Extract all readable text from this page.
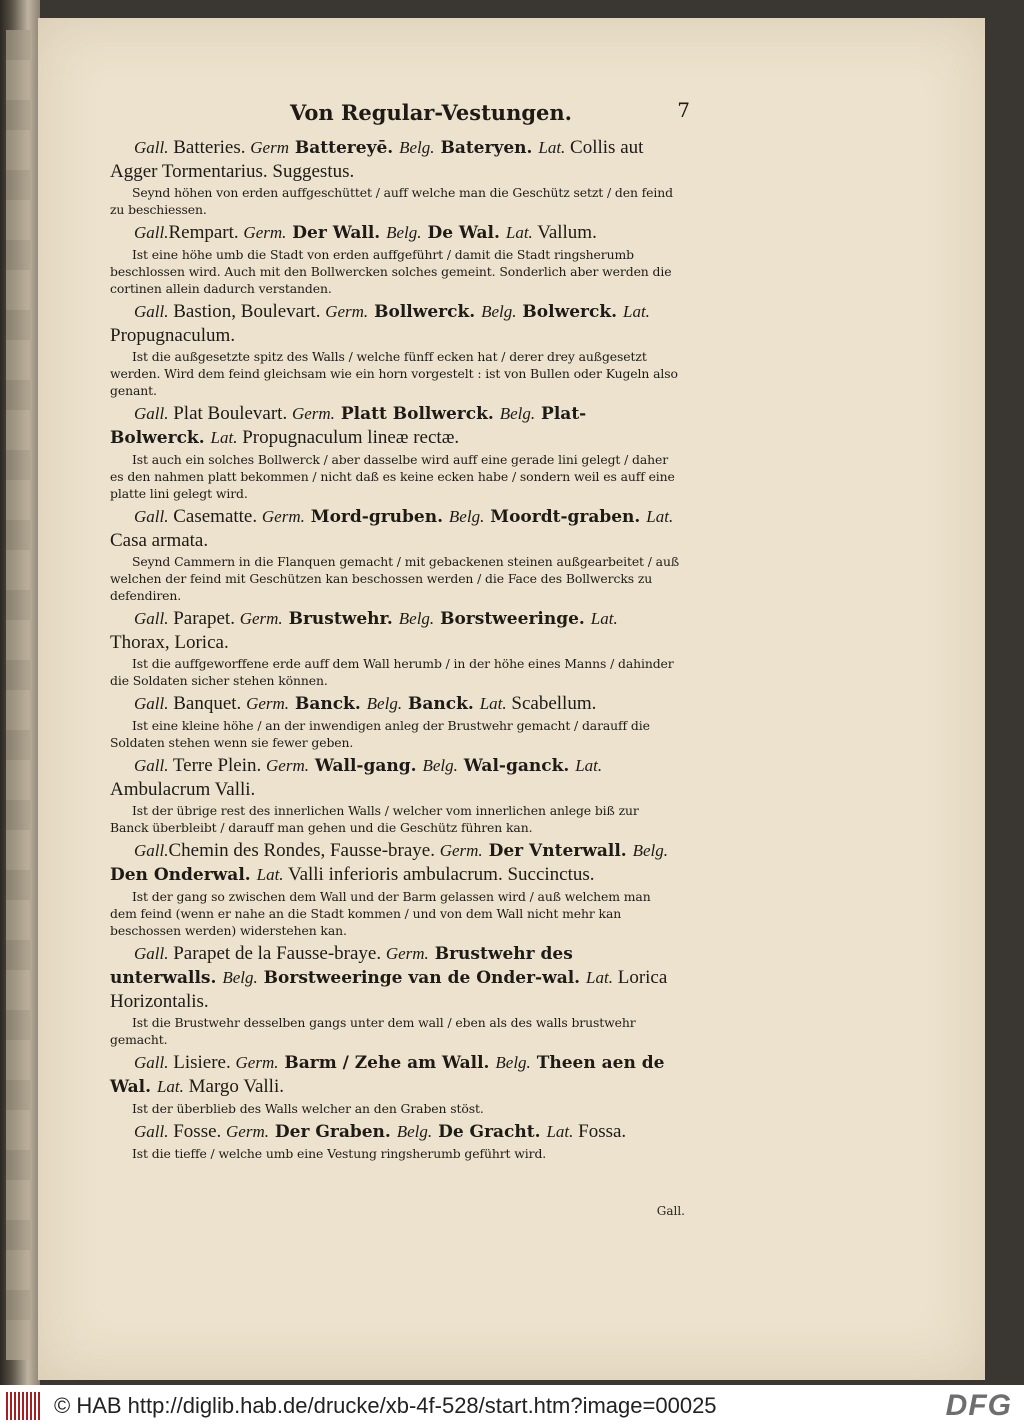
Von Regular-Vestungen.	7

Gall. Batteries. Germ Battereyē. Belg. Bateryen. Lat. Collis aut Agger Tormentarius. Suggestus.

Seynd höhen von erden auffgeschüttet / auff welche man die Geschütz setzt / den feind zu beschiessen.

Gall.Rempart. Germ. Der Wall. Belg. De Wal. Lat. Vallum.

Ist eine höhe umb die Stadt von erden auffgeführt / damit die Stadt ringsherumb beschlossen wird. Auch mit den Bollwercken solches gemeint. Sonderlich aber werden die cortinen allein dadurch verstanden.

Gall. Bastion, Boulevart. Germ. Bollwerck. Belg. Bolwerck. Lat. Propugnaculum.

Ist die außgesetzte spitz des Walls / welche fünff ecken hat / derer drey außgesetzt werden. Wird dem feind gleichsam wie ein horn vorgestelt : ist von Bullen oder Kugeln also genant.

Gall. Plat Boulevart. Germ. Platt Bollwerck. Belg. Plat-Bolwerck. Lat. Propugnaculum lineæ rectæ.

Ist auch ein solches Bollwerck / aber dasselbe wird auff eine gerade lini gelegt / daher es den nahmen platt bekommen / nicht daß es keine ecken habe / sondern weil es auff eine platte lini gelegt wird.

Gall. Casematte. Germ. Mord-gruben. Belg. Moordt-graben. Lat. Casa armata.

Seynd Cammern in die Flanquen gemacht / mit gebackenen steinen außgearbeitet / auß welchen der feind mit Geschützen kan beschossen werden / die Face des Bollwercks zu defendiren.

Gall. Parapet. Germ. Brustwehr. Belg. Borstweeringe. Lat. Thorax, Lorica.

Ist die auffgeworffene erde auff dem Wall herumb / in der höhe eines Manns / dahinder die Soldaten sicher stehen können.

Gall. Banquet. Germ. Banck. Belg. Banck. Lat. Scabellum.

Ist eine kleine höhe / an der inwendigen anleg der Brustwehr gemacht / darauff die Soldaten stehen wenn sie fewer geben.

Gall. Terre Plein. Germ. Wall-gang. Belg. Wal-ganck. Lat. Ambulacrum Valli.

Ist der übrige rest des innerlichen Walls / welcher vom innerlichen anlege biß zur Banck überbleibt / darauff man gehen und die Geschütz führen kan.

Gall.Chemin des Rondes, Fausse-braye. Germ. Der Vnterwall. Belg. Den Onderwal. Lat. Valli inferioris ambulacrum. Succinctus.

Ist der gang so zwischen dem Wall und der Barm gelassen wird / auß welchem man dem feind (wenn er nahe an die Stadt kommen / und von dem Wall nicht mehr kan beschossen werden) widerstehen kan.

Gall. Parapet de la Fausse-braye. Germ. Brustwehr des unterwalls. Belg. Borstweeringe van de Onder-wal. Lat. Lorica Horizontalis.

Ist die Brustwehr desselben gangs unter dem wall / eben als des walls brustwehr gemacht.

Gall. Lisiere. Germ. Barm / Zehe am Wall. Belg. Theen aen de Wal. Lat. Margo Valli.

Ist der überblieb des Walls welcher an den Graben stöst.

Gall. Fosse. Germ. Der Graben. Belg. De Gracht. Lat. Fossa.

Ist die tieffe / welche umb eine Vestung ringsherumb geführt wird.

Gall.
© HAB http://diglib.hab.de/drucke/xb-4f-528/start.htm?image=00025	DFG
